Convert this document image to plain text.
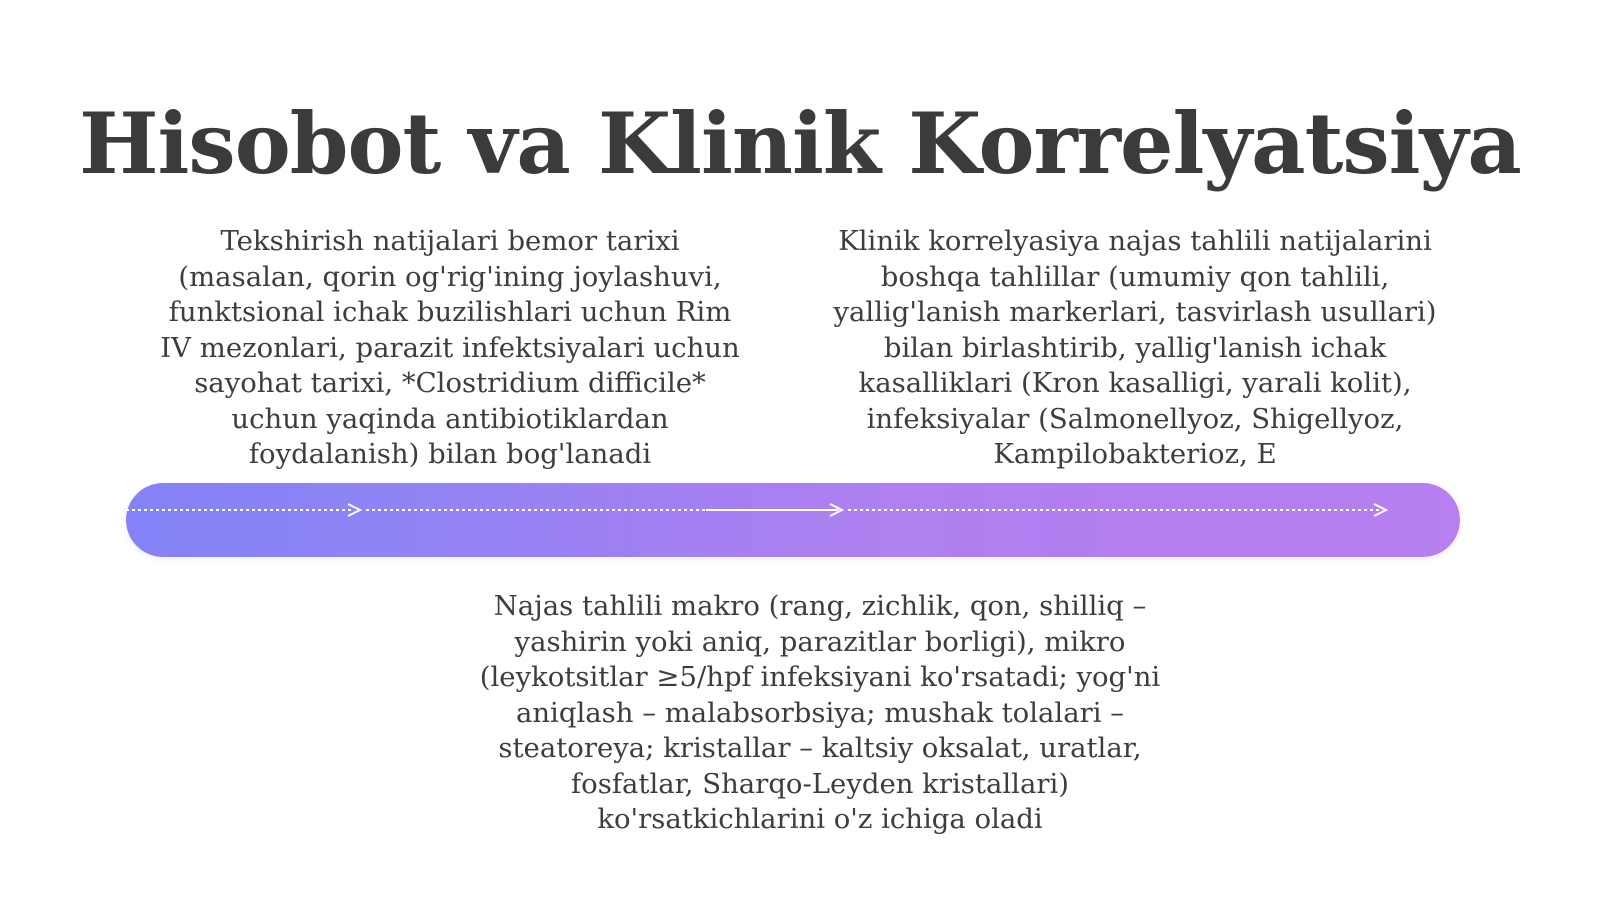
Hisobot va Klinik Korrelyatsiya
Tekshirish natijalari bemor tarixi (masalan, qorin og'rig'ining joylashuvi, funktsional ichak buzilishlari uchun Rim IV mezonlari, parazit infektsiyalari uchun sayohat tarixi, *Clostridium difficile* uchun yaqinda antibiotiklardan foydalanish) bilan bog'lanadi
Klinik korrelyasiya najas tahlili natijalarini boshqa tahlillar (umumiy qon tahlili, yallig'lanish markerlari, tasvirlash usullari) bilan birlashtirib, yallig'lanish ichak kasalliklari (Kron kasalligi, yarali kolit), infeksiyalar (Salmonellyoz, Shigellyoz, Kampilobakterioz, E
Najas tahlili makro (rang, zichlik, qon, shilliq – yashirin yoki aniq, parazitlar borligi), mikro (leykotsitlar ≥5/hpf infeksiyani ko'rsatadi; yog'ni aniqlash – malabsorbsiya; mushak tolalari – steatoreya; kristallar – kaltsiy oksalat, uratlar, fosfatlar, Sharqo-Leyden kristallari) ko'rsatkichlarini o'z ichiga oladi
